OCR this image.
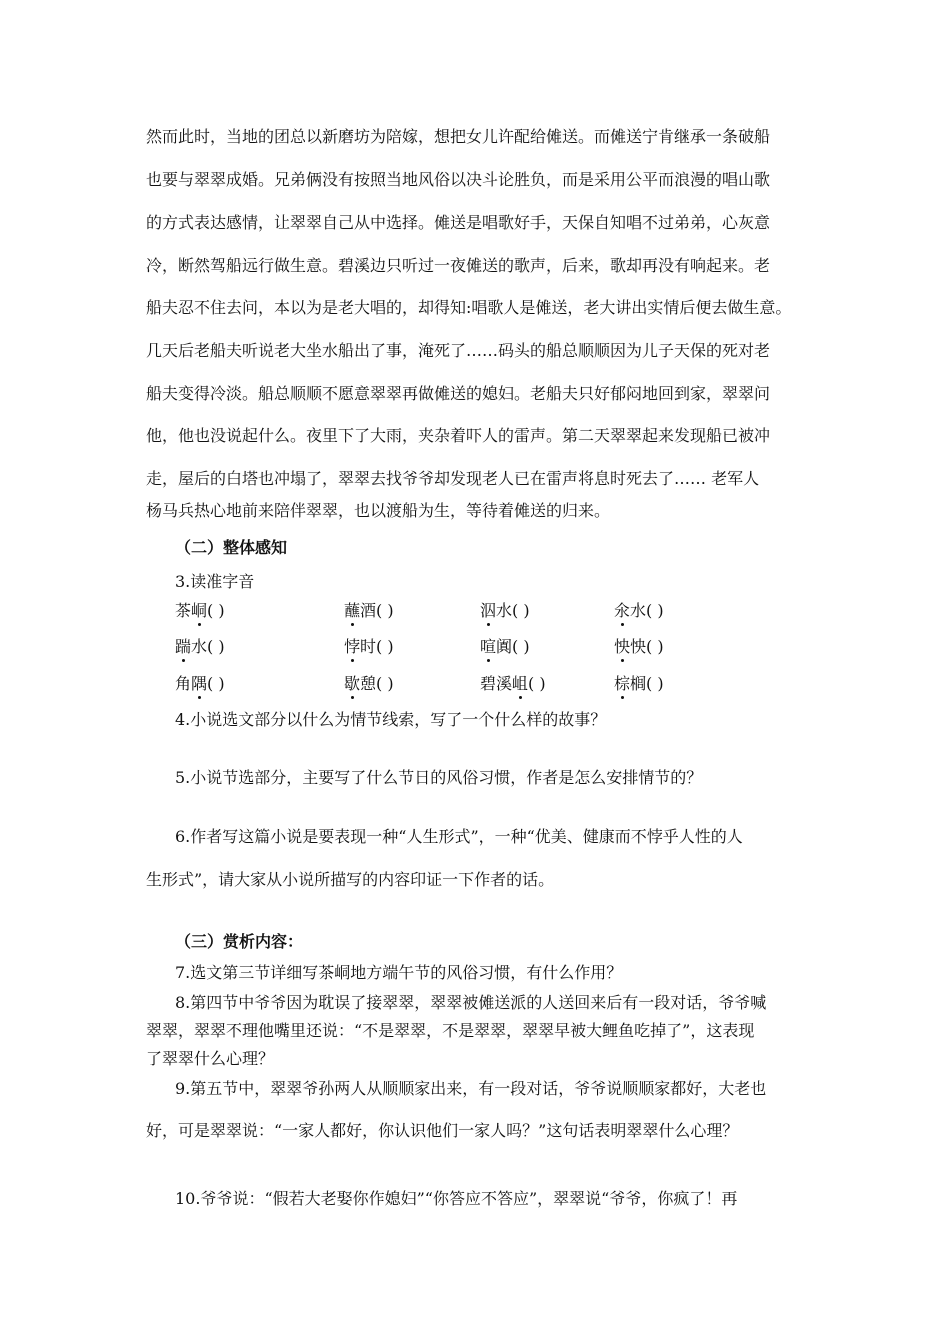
然而此时，当地的团总以新磨坊为陪嫁，想把女儿许配给傩送。而傩送宁肯继承一条破船
也要与翠翠成婚。兄弟俩没有按照当地风俗以决斗论胜负，而是采用公平而浪漫的唱山歌
的方式表达感情，让翠翠自己从中选择。傩送是唱歌好手，天保自知唱不过弟弟，心灰意
冷，断然驾船远行做生意。碧溪边只听过一夜傩送的歌声，后来，歌却再没有响起来。老
船夫忍不住去问，本以为是老大唱的，却得知:唱歌人是傩送，老大讲出实情后便去做生意。
几天后老船夫听说老大坐水船出了事，淹死了……码头的船总顺顺因为儿子天保的死对老
船夫变得冷淡。船总顺顺不愿意翠翠再做傩送的媳妇。老船夫只好郁闷地回到家，翠翠问
他，他也没说起什么。夜里下了大雨，夹杂着吓人的雷声。第二天翠翠起来发现船已被冲
走，屋后的白塔也冲塌了，翠翠去找爷爷却发现老人已在雷声将息时死去了…… 老军人
杨马兵热心地前来陪伴翠翠，也以渡船为生，等待着傩送的归来。
（二）整体感知
3.读准字音
茶峒( )	蘸酒( )	泅水( )	氽水( )
踹水( )	悖时( )	喧阗( )	怏怏( )
角隅( )	歇憩( )	碧溪岨( )	棕榈( )
4.小说选文部分以什么为情节线索，写了一个什么样的故事？
5.小说节选部分，主要写了什么节日的风俗习惯，作者是怎么安排情节的？
6.作者写这篇小说是要表现一种“人生形式”，一种“优美、健康而不悖乎人性的人
生形式”，请大家从小说所描写的内容印证一下作者的话。
（三）赏析内容：
7.选文第三节详细写茶峒地方端午节的风俗习惯，有什么作用？
8.第四节中爷爷因为耽误了接翠翠，翠翠被傩送派的人送回来后有一段对话，爷爷喊
翠翠，翠翠不理他嘴里还说：“不是翠翠，不是翠翠，翠翠早被大鲤鱼吃掉了”，这表现
了翠翠什么心理？
9.第五节中，翠翠爷孙两人从顺顺家出来，有一段对话，爷爷说顺顺家都好，大老也
好，可是翠翠说：“一家人都好，你认识他们一家人吗？”这句话表明翠翠什么心理？
10.爷爷说：“假若大老娶你作媳妇”“你答应不答应”，翠翠说“爷爷，你疯了！再
